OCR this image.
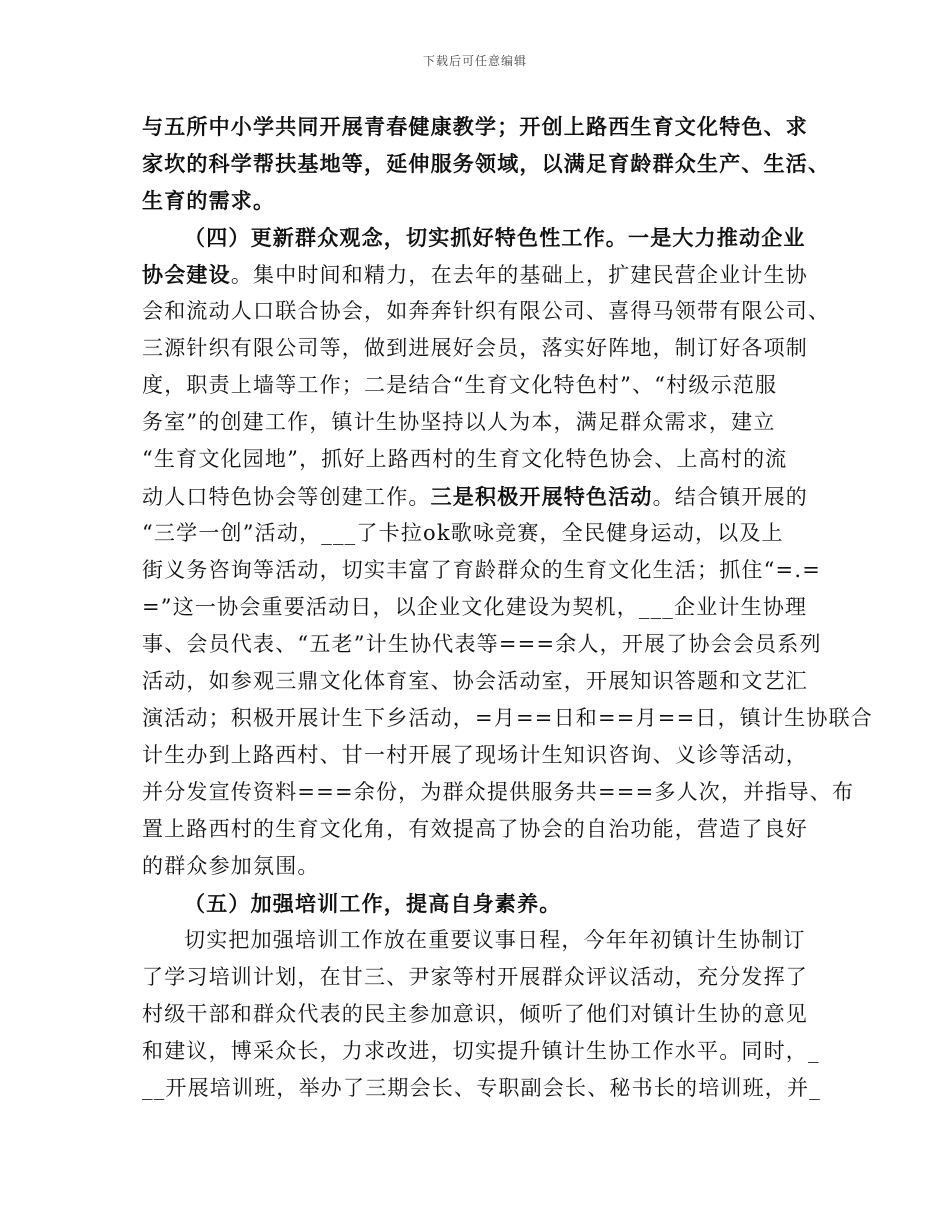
下载后可任意编辑
与五所中小学共同开展青春健康教学；开创上路西生育文化特色、求
家坎的科学帮扶基地等，延伸服务领域，以满足育龄群众生产、生活、
生育的需求。
（四）更新群众观念，切实抓好特色性工作。一是大力推动企业
协会建设。集中时间和精力，在去年的基础上，扩建民营企业计生协
会和流动人口联合协会，如奔奔针织有限公司、喜得马领带有限公司、
三源针织有限公司等，做到进展好会员，落实好阵地，制订好各项制
度，职责上墙等工作；二是结合“生育文化特色村”、“村级示范服
务室”的创建工作，镇计生协坚持以人为本，满足群众需求，建立
“生育文化园地”，抓好上路西村的生育文化特色协会、上高村的流
动人口特色协会等创建工作。三是积极开展特色活动。结合镇开展的
“三学一创”活动，___了卡拉ok歌咏竞赛，全民健身运动，以及上
街义务咨询等活动，切实丰富了育龄群众的生育文化生活；抓住“=.=
=”这一协会重要活动日，以企业文化建设为契机，___企业计生协理
事、会员代表、“五老”计生协代表等===余人，开展了协会会员系列
活动，如参观三鼎文化体育室、协会活动室，开展知识答题和文艺汇
演活动；积极开展计生下乡活动，=月==日和==月==日，镇计生协联合
计生办到上路西村、甘一村开展了现场计生知识咨询、义诊等活动，
并分发宣传资料===余份，为群众提供服务共===多人次，并指导、布
置上路西村的生育文化角，有效提高了协会的自治功能，营造了良好
的群众参加氛围。
（五）加强培训工作，提高自身素养。
切实把加强培训工作放在重要议事日程，今年年初镇计生协制订
了学习培训计划，在甘三、尹家等村开展群众评议活动，充分发挥了
村级干部和群众代表的民主参加意识，倾听了他们对镇计生协的意见
和建议，博采众长，力求改进，切实提升镇计生协工作水平。同时，_
__开展培训班，举办了三期会长、专职副会长、秘书长的培训班，并_
